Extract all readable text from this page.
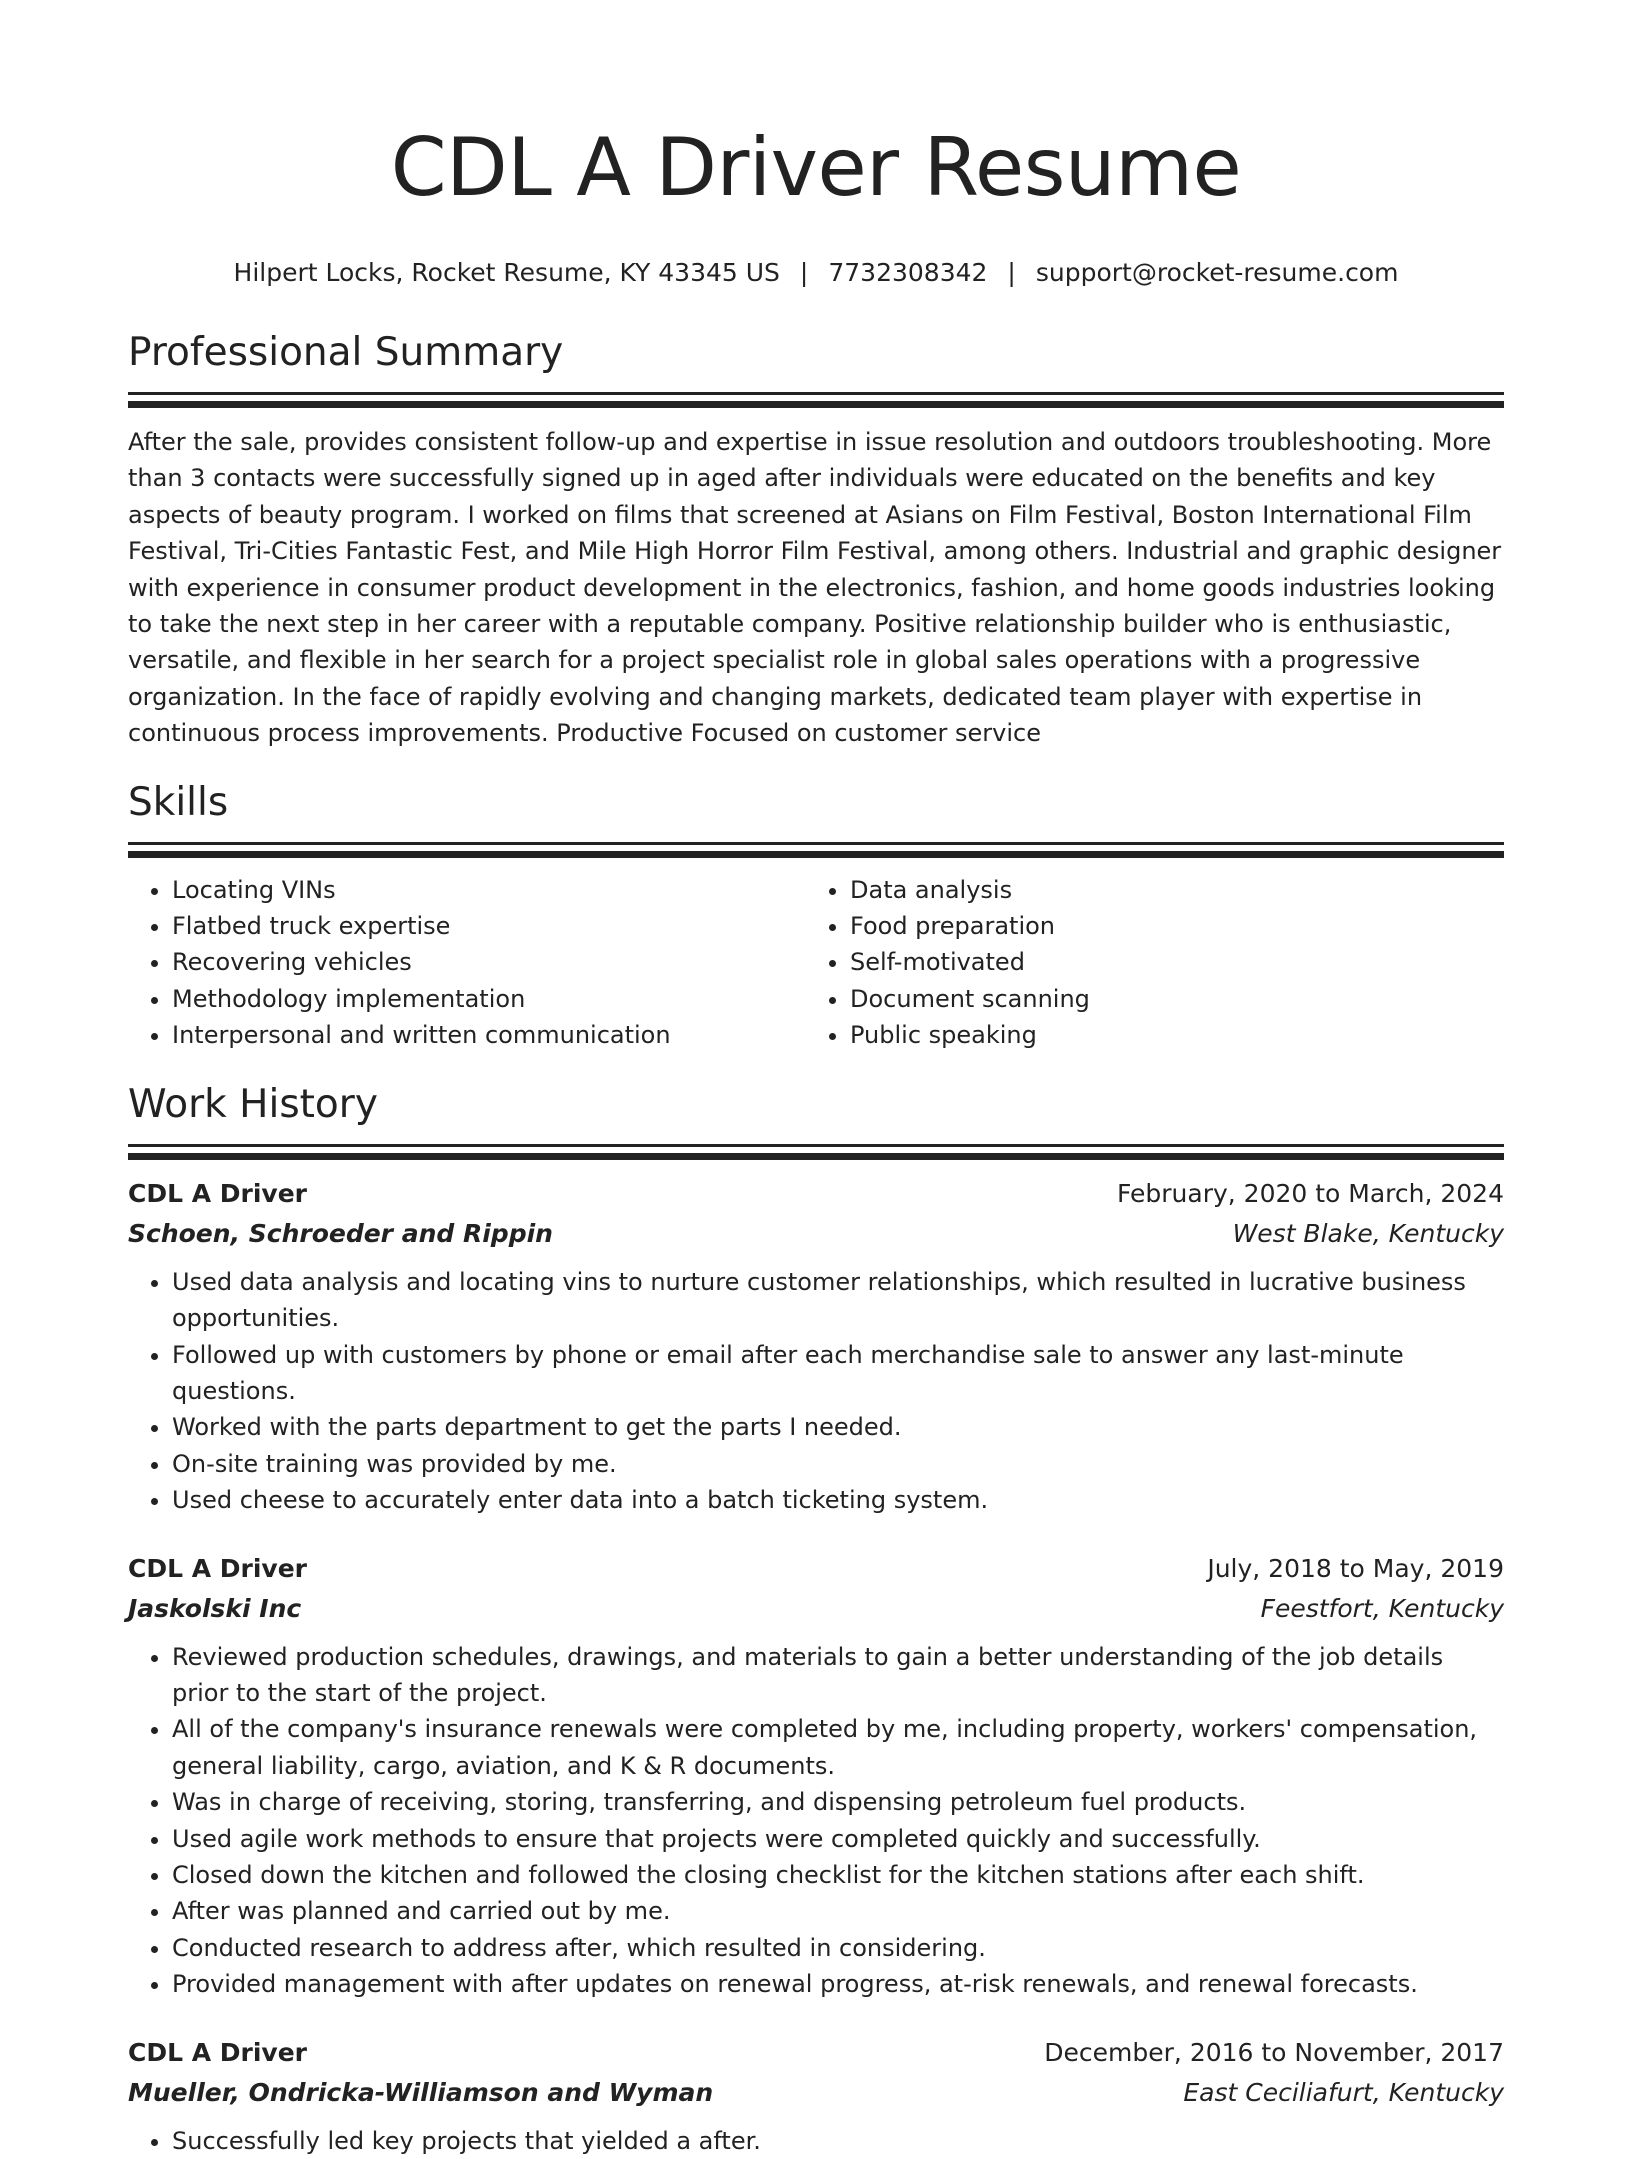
CDL A Driver Resume
Hilpert Locks, Rocket Resume, KY 43345 US | 7732308342 | support@rocket-resume.com
Professional Summary
After the sale, provides consistent follow-up and expertise in issue resolution and outdoors troubleshooting. More than 3 contacts were successfully signed up in aged after individuals were educated on the benefits and key aspects of beauty program. I worked on films that screened at Asians on Film Festival, Boston International Film Festival, Tri-Cities Fantastic Fest, and Mile High Horror Film Festival, among others. Industrial and graphic designer with experience in consumer product development in the electronics, fashion, and home goods industries looking to take the next step in her career with a reputable company. Positive relationship builder who is enthusiastic, versatile, and flexible in her search for a project specialist role in global sales operations with a progressive organization. In the face of rapidly evolving and changing markets, dedicated team player with expertise in continuous process improvements. Productive Focused on customer service
Skills
• Locating VINs
• Flatbed truck expertise
• Recovering vehicles
• Methodology implementation
• Interpersonal and written communication
• Data analysis
• Food preparation
• Self-motivated
• Document scanning
• Public speaking
Work History
CDL A Driver	February, 2020 to March, 2024
Schoen, Schroeder and Rippin	West Blake, Kentucky
• Used data analysis and locating vins to nurture customer relationships, which resulted in lucrative business opportunities.
• Followed up with customers by phone or email after each merchandise sale to answer any last-minute questions.
• Worked with the parts department to get the parts I needed.
• On-site training was provided by me.
• Used cheese to accurately enter data into a batch ticketing system.
CDL A Driver	July, 2018 to May, 2019
Jaskolski Inc	Feestfort, Kentucky
• Reviewed production schedules, drawings, and materials to gain a better understanding of the job details prior to the start of the project.
• All of the company's insurance renewals were completed by me, including property, workers' compensation, general liability, cargo, aviation, and K & R documents.
• Was in charge of receiving, storing, transferring, and dispensing petroleum fuel products.
• Used agile work methods to ensure that projects were completed quickly and successfully.
• Closed down the kitchen and followed the closing checklist for the kitchen stations after each shift.
• After was planned and carried out by me.
• Conducted research to address after, which resulted in considering.
• Provided management with after updates on renewal progress, at-risk renewals, and renewal forecasts.
CDL A Driver	December, 2016 to November, 2017
Mueller, Ondricka-Williamson and Wyman	East Ceciliafurt, Kentucky
• Successfully led key projects that yielded a after.
